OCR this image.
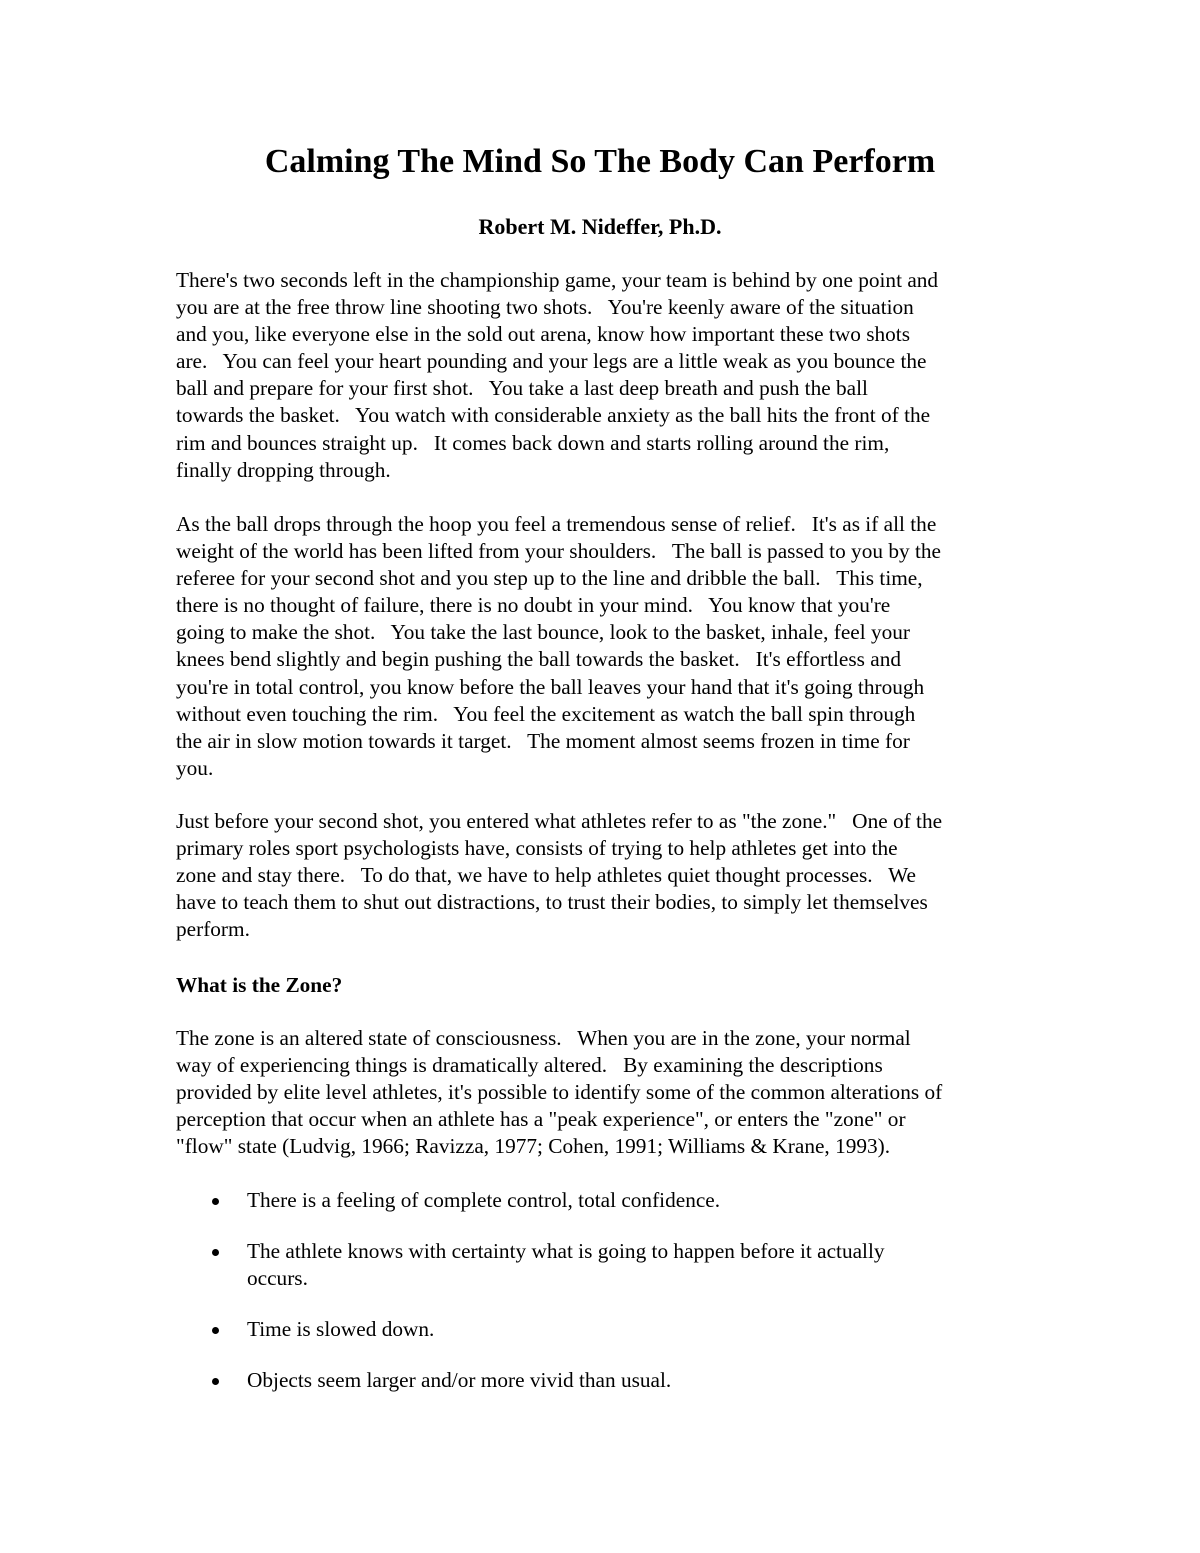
Calming The Mind So The Body Can Perform
Robert M. Nideffer, Ph.D.

There's two seconds left in the championship game, your team is behind by one point and
you are at the free throw line shooting two shots.   You're keenly aware of the situation
and you, like everyone else in the sold out arena, know how important these two shots
are.   You can feel your heart pounding and your legs are a little weak as you bounce the
ball and prepare for your first shot.   You take a last deep breath and push the ball
towards the basket.   You watch with considerable anxiety as the ball hits the front of the
rim and bounces straight up.   It comes back down and starts rolling around the rim,
finally dropping through.

As the ball drops through the hoop you feel a tremendous sense of relief.   It's as if all the
weight of the world has been lifted from your shoulders.   The ball is passed to you by the
referee for your second shot and you step up to the line and dribble the ball.   This time,
there is no thought of failure, there is no doubt in your mind.   You know that you're
going to make the shot.   You take the last bounce, look to the basket, inhale, feel your
knees bend slightly and begin pushing the ball towards the basket.   It's effortless and
you're in total control, you know before the ball leaves your hand that it's going through
without even touching the rim.   You feel the excitement as watch the ball spin through
the air in slow motion towards it target.   The moment almost seems frozen in time for
you.

Just before your second shot, you entered what athletes refer to as "the zone."   One of the
primary roles sport psychologists have, consists of trying to help athletes get into the
zone and stay there.   To do that, we have to help athletes quiet thought processes.   We
have to teach them to shut out distractions, to trust their bodies, to simply let themselves
perform.

What is the Zone?

The zone is an altered state of consciousness.   When you are in the zone, your normal
way of experiencing things is dramatically altered.   By examining the descriptions
provided by elite level athletes, it's possible to identify some of the common alterations of
perception that occur when an athlete has a "peak experience", or enters the "zone" or
"flow" state (Ludvig, 1966; Ravizza, 1977; Cohen, 1991; Williams & Krane, 1993).

There is a feeling of complete control, total confidence.
The athlete knows with certainty what is going to happen before it actually
occurs.
Time is slowed down.
Objects seem larger and/or more vivid than usual.
